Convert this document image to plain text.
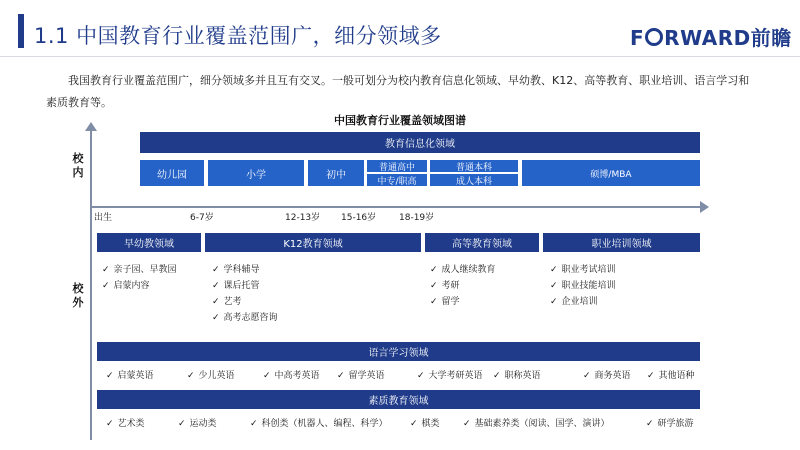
1.1 中国教育行业覆盖范围广，细分领域多	F RWARD前瞻
我国教育行业覆盖范围广，细分领域多并且互有交叉。一般可划分为校内教育信息化领域、早幼教、K12、高等教育、职业培训、语言学习和素质教育等。
中国教育行业覆盖领域图谱
校内
校外
教育信息化领域
幼儿园	小学	初中
普通高中
中专/职高
普通本科
成人本科
硕博/MBA
出生	6-7岁	12-13岁 15-16岁	18-19岁
早幼教领域	K12教育领域	高等教育领域	职业培训领域
✓ 亲子园、早教园
✓ 启蒙内容
✓ 学科辅导
✓ 课后托管
✓ 艺考
✓ 高考志愿咨询
✓ 成人继续教育
✓ 考研
✓ 留学
✓ 职业考试培训
✓ 职业技能培训
✓ 企业培训
语言学习领域
✓ 启蒙英语	✓ 少儿英语	✓ 中高考英语 ✓ 留学英语	✓ 大学考研英语 ✓ 职称英语	✓ 商务英语 ✓ 其他语种
素质教育领域
✓ 艺术类	✓ 运动类	✓ 科创类（机器人、编程、科学） ✓ 棋类	✓ 基础素养类（阅读、国学、演讲）	✓ 研学旅游
